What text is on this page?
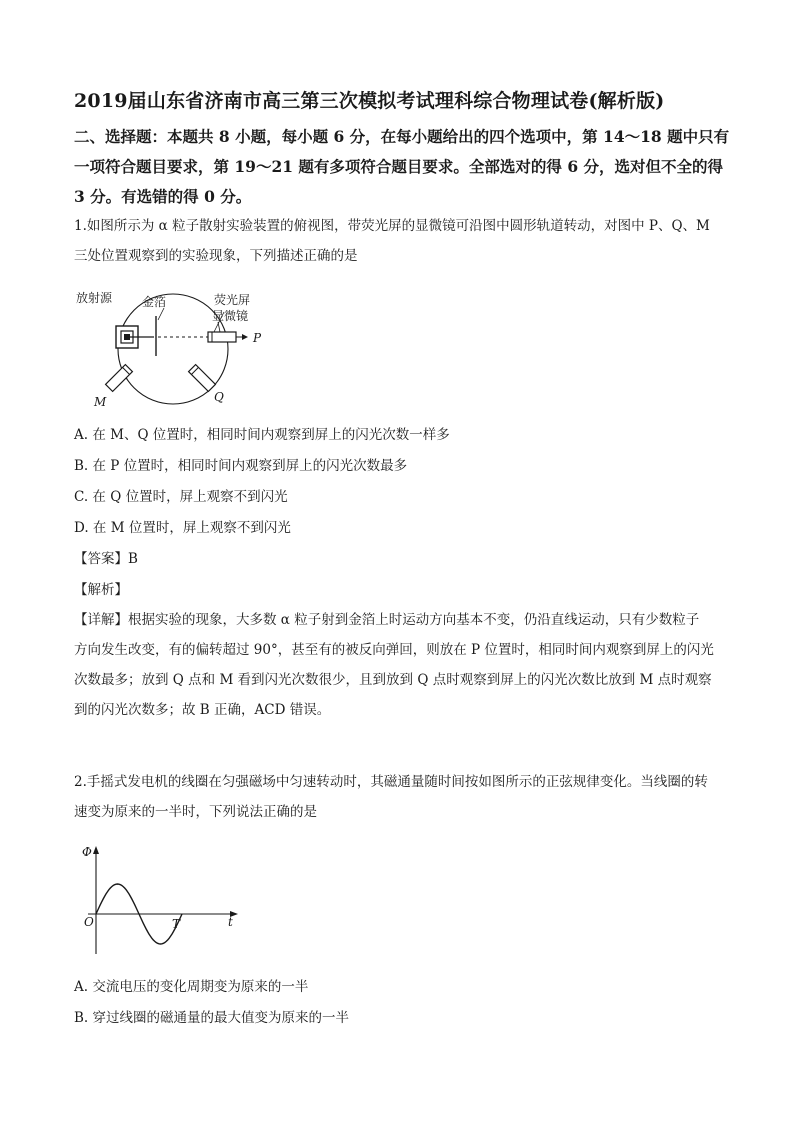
2019届山东省济南市高三第三次模拟考试理科综合物理试卷(解析版)

二、选择题：本题共 8 小题，每小题 6 分，在每小题给出的四个选项中，第 14～18 题中只有

一项符合题目要求，第 19～21 题有多项符合题目要求。全部选对的得 6 分，选对但不全的得

3 分。有选错的得 0 分。

1.如图所示为 α 粒子散射实验装置的俯视图，带荧光屏的显微镜可沿图中圆形轨道转动，对图中 P、Q、M

三处位置观察到的实验现象，下列描述正确的是

放射源 金箔	荧光屏
显微镜
P
Q
M
A. 在 M、Q 位置时，相同时间内观察到屏上的闪光次数一样多
B. 在 P 位置时，相同时间内观察到屏上的闪光次数最多
C. 在 Q 位置时，屏上观察不到闪光
D. 在 M 位置时，屏上观察不到闪光
【答案】B
【解析】

【详解】根据实验的现象，大多数 α 粒子射到金箔上时运动方向基本不变，仍沿直线运动，只有少数粒子

方向发生改变，有的偏转超过 90°，甚至有的被反向弹回，则放在 P 位置时，相同时间内观察到屏上的闪光

次数最多；放到 Q 点和 M 看到闪光次数很少，且到放到 Q 点时观察到屏上的闪光次数比放到 M 点时观察

到的闪光次数多；故 B 正确，ACD 错误。

2.手摇式发电机的线圈在匀强磁场中匀速转动时，其磁通量随时间按如图所示的正弦规律变化。当线圈的转

速变为原来的一半时，下列说法正确的是

Φ
O	T	t
A. 交流电压的变化周期变为原来的一半
B. 穿过线圈的磁通量的最大值变为原来的一半
